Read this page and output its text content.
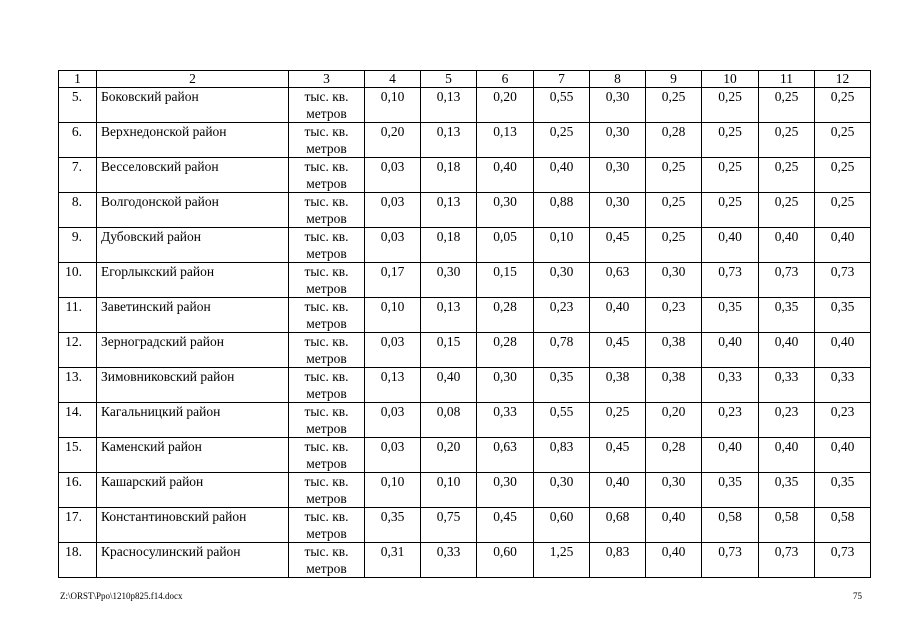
1	2	3	4	5	6	7	8	9	10	11	12
5.	Боковский район	тыс. кв. метров	0,10	0,13	0,20	0,55	0,30	0,25	0,25	0,25	0,25
6.	Верхнедонской район	тыс. кв. метров	0,20	0,13	0,13	0,25	0,30	0,28	0,25	0,25	0,25
7.	Весселовский район	тыс. кв. метров	0,03	0,18	0,40	0,40	0,30	0,25	0,25	0,25	0,25
8.	Волгодонской район	тыс. кв. метров	0,03	0,13	0,30	0,88	0,30	0,25	0,25	0,25	0,25
9.	Дубовский район	тыс. кв. метров	0,03	0,18	0,05	0,10	0,45	0,25	0,40	0,40	0,40
10.	Егорлыкский район	тыс. кв. метров	0,17	0,30	0,15	0,30	0,63	0,30	0,73	0,73	0,73
11.	Заветинский район	тыс. кв. метров	0,10	0,13	0,28	0,23	0,40	0,23	0,35	0,35	0,35
12.	Зерноградский район	тыс. кв. метров	0,03	0,15	0,28	0,78	0,45	0,38	0,40	0,40	0,40
13.	Зимовниковский район	тыс. кв. метров	0,13	0,40	0,30	0,35	0,38	0,38	0,33	0,33	0,33
14.	Кагальницкий район	тыс. кв. метров	0,03	0,08	0,33	0,55	0,25	0,20	0,23	0,23	0,23
15.	Каменский район	тыс. кв. метров	0,03	0,20	0,63	0,83	0,45	0,28	0,40	0,40	0,40
16.	Кашарский район	тыс. кв. метров	0,10	0,10	0,30	0,30	0,40	0,30	0,35	0,35	0,35
17.	Константиновский район	тыс. кв. метров	0,35	0,75	0,45	0,60	0,68	0,40	0,58	0,58	0,58
18.	Красносулинский район	тыс. кв. метров	0,31	0,33	0,60	1,25	0,83	0,40	0,73	0,73	0,73
Z:\ORST\Ppo\1210p825.f14.docx	75
